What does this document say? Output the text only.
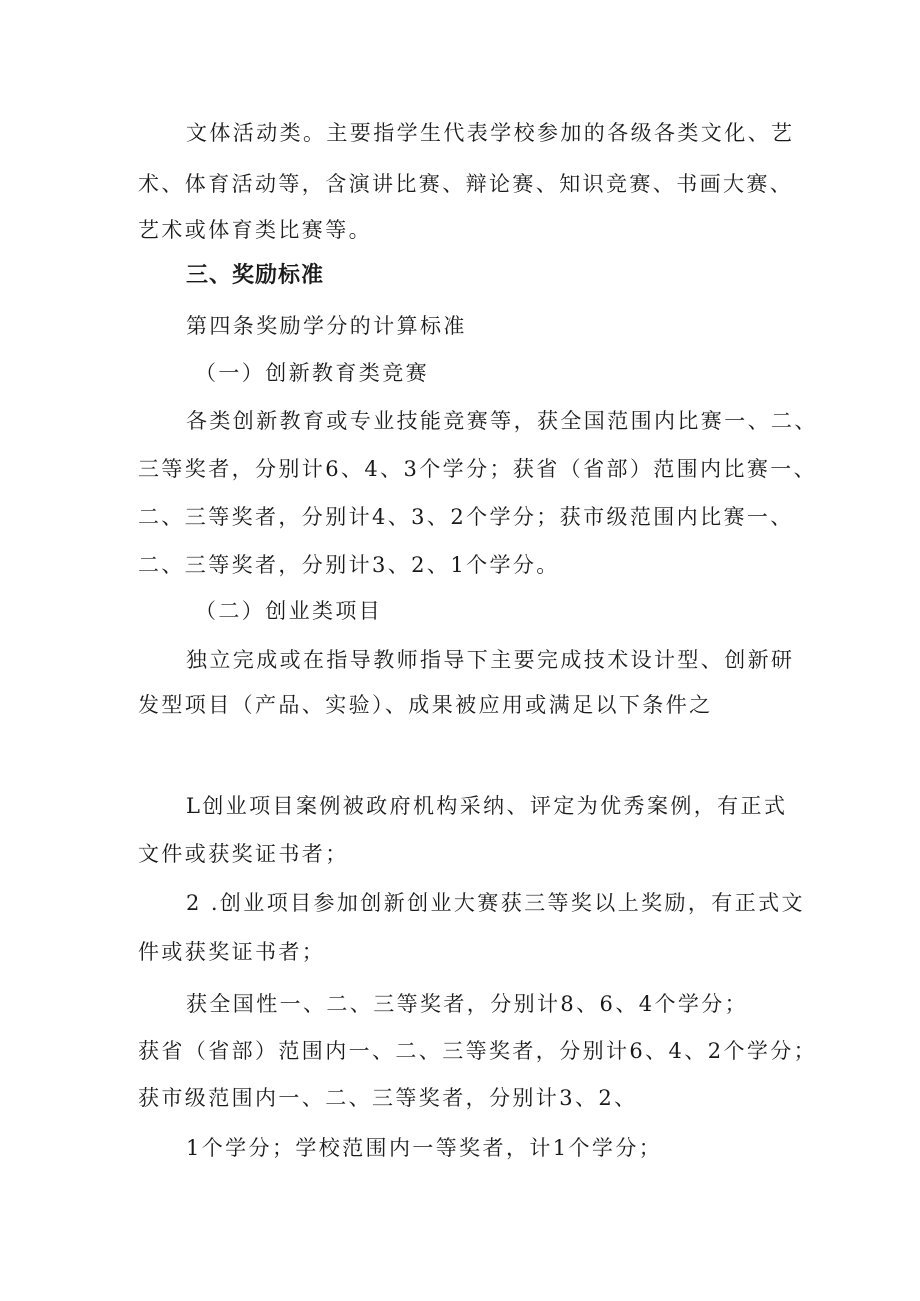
文体活动类。主要指学生代表学校参加的各级各类文化、艺
术、体育活动等，含演讲比赛、辩论赛、知识竞赛、书画大赛、
艺术或体育类比赛等。
三、奖励标准
第四条奖励学分的计算标准
（一）创新教育类竞赛
各类创新教育或专业技能竞赛等，获全国范围内比赛一、二、
三等奖者，分别计6、4、3个学分；获省（省部）范围内比赛一、
二、三等奖者，分别计4、3、2个学分；获市级范围内比赛一、
二、三等奖者，分别计3、2、1个学分。
（二）创业类项目
独立完成或在指导教师指导下主要完成技术设计型、创新研
发型项目（产品、实验）、成果被应用或满足以下条件之
L创业项目案例被政府机构采纳、评定为优秀案例，有正式
文件或获奖证书者；
2 .创业项目参加创新创业大赛获三等奖以上奖励，有正式文
件或获奖证书者；
获全国性一、二、三等奖者，分别计8、6、4个学分；
获省（省部）范围内一、二、三等奖者，分别计6、4、2个学分；
获市级范围内一、二、三等奖者，分别计3、2、
1个学分；学校范围内一等奖者，计1个学分；
